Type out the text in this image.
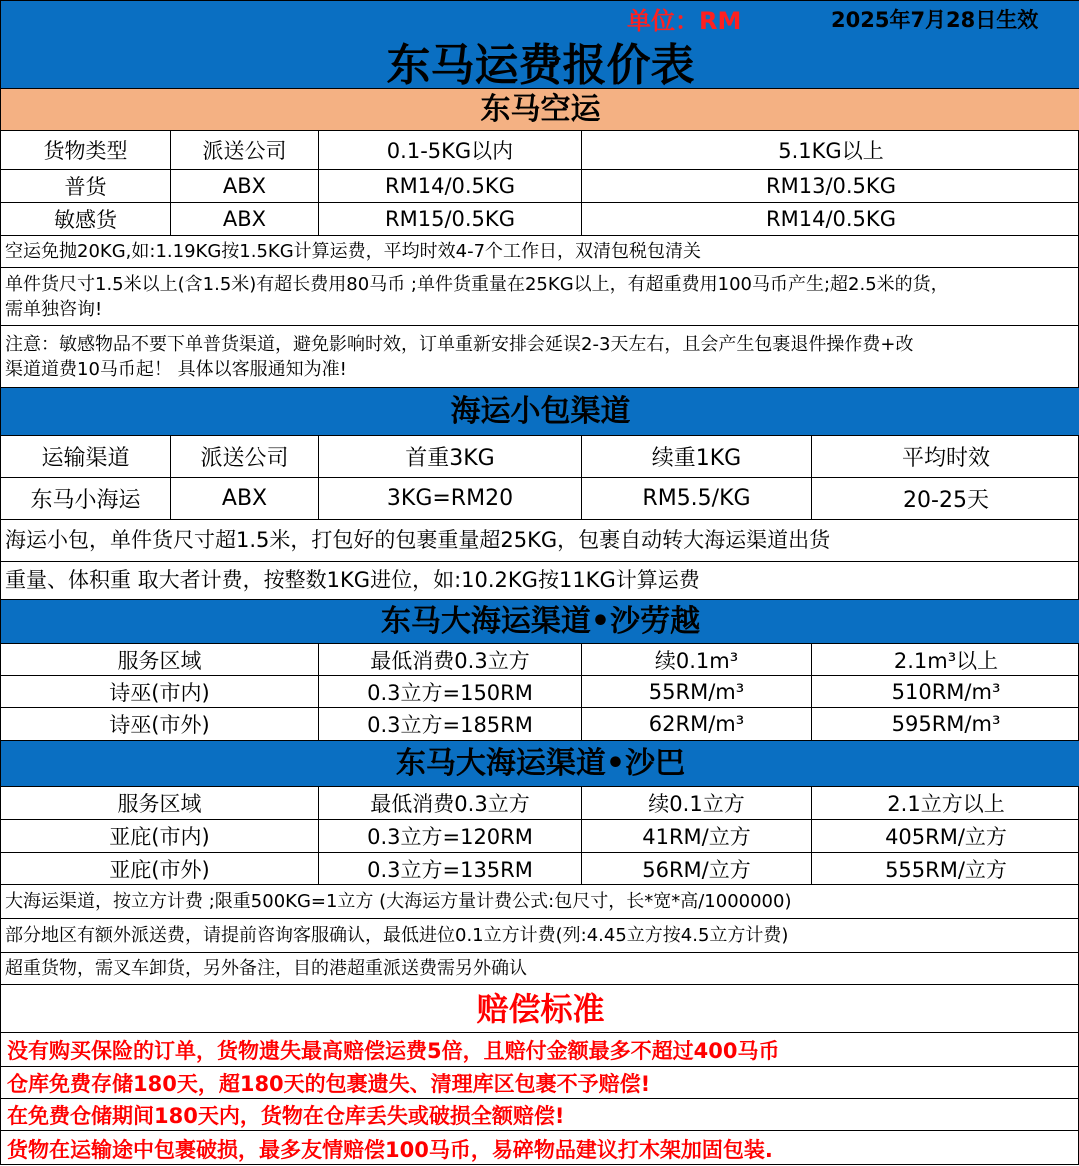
单位：RM	2025年7月28日生效
东马运费报价表
东马空运
货物类型	派送公司	0.1-5KG以内	5.1KG以上
普货	ABX	RM14/0.5KG	RM13/0.5KG
敏感货	ABX	RM15/0.5KG	RM14/0.5KG
空运免抛20KG,如:1.19KG按1.5KG计算运费，平均时效4-7个工作日，双清包税包清关
单件货尺寸1.5米以上(含1.5米)有超长费用80马币 ;单件货重量在25KG以上，有超重费用100马币产生;超2.5米的货，
需单独咨询!
注意：敏感物品不要下单普货渠道，避免影响时效，订单重新安排会延误2-3天左右，且会产生包裹退件操作费+改
渠道道费10马币起！ 具体以客服通知为准!
海运小包渠道
运输渠道	派送公司	首重3KG	续重1KG	平均时效
东马小海运	ABX	3KG=RM20	RM5.5/KG	20-25天
海运小包，单件货尺寸超1.5米，打包好的包裹重量超25KG，包裹自动转大海运渠道出货
重量、体积重 取大者计费，按整数1KG进位，如:10.2KG按11KG计算运费
东马大海运渠道•沙劳越
服务区域	最低消费0.3立方	续0.1m³	2.1m³以上
诗巫(市内)	0.3立方=150RM	55RM/m³	510RM/m³
诗巫(市外)	0.3立方=185RM	62RM/m³	595RM/m³
东马大海运渠道•沙巴
服务区域	最低消费0.3立方	续0.1立方	2.1立方以上
亚庇(市内)	0.3立方=120RM	41RM/立方	405RM/立方
亚庇(市外)	0.3立方=135RM	56RM/立方	555RM/立方
大海运渠道，按立方计费 ;限重500KG=1立方 (大海运方量计费公式:包尺寸，长*宽*高/1000000)
部分地区有额外派送费，请提前咨询客服确认，最低进位0.1立方计费(列:4.45立方按4.5立方计费)
超重货物，需叉车卸货，另外备注，目的港超重派送费需另外确认
赔偿标准
没有购买保险的订单，货物遗失最高赔偿运费5倍，且赔付金额最多不超过400马币
仓库免费存储180天，超180天的包裹遗失、清理库区包裹不予赔偿!
在免费仓储期间180天内，货物在仓库丢失或破损全额赔偿!
货物在运输途中包裹破损，最多友情赔偿100马币，易碎物品建议打木架加固包装.
